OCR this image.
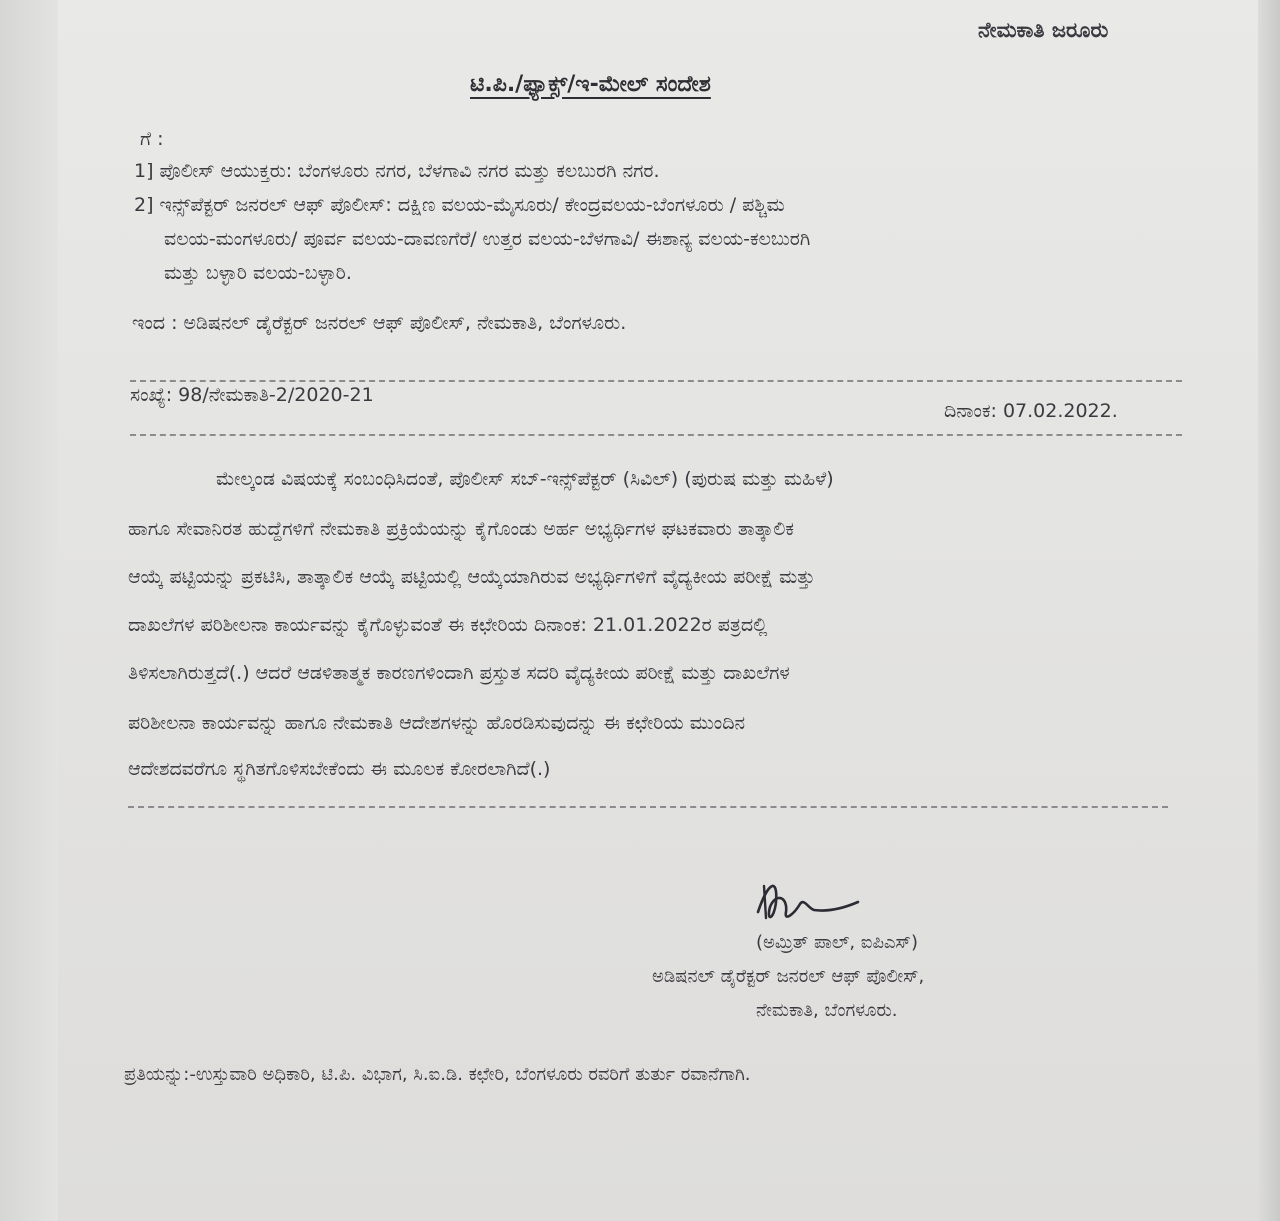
ನೇಮಕಾತಿ ಜರೂರು
ಟಿ.ಪಿ./ಫ್ಯಾಕ್ಸ್/ಇ-ಮೇಲ್ ಸಂದೇಶ
ಗೆ :
1] ಪೊಲೀಸ್ ಆಯುಕ್ತರು: ಬೆಂಗಳೂರು ನಗರ, ಬೆಳಗಾವಿ ನಗರ ಮತ್ತು ಕಲಬುರಗಿ ನಗರ.
2] ಇನ್ಸ್‌ಪೆಕ್ಟರ್ ಜನರಲ್ ಆಫ್ ಪೊಲೀಸ್: ದಕ್ಷಿಣ ವಲಯ-ಮೈಸೂರು/ ಕೇಂದ್ರವಲಯ-ಬೆಂಗಳೂರು / ಪಶ್ಚಿಮ
ವಲಯ-ಮಂಗಳೂರು/ ಪೂರ್ವ ವಲಯ-ದಾವಣಗೆರೆ/ ಉತ್ತರ ವಲಯ-ಬೆಳಗಾವಿ/ ಈಶಾನ್ಯ ವಲಯ-ಕಲಬುರಗಿ
ಮತ್ತು ಬಳ್ಳಾರಿ ವಲಯ-ಬಳ್ಳಾರಿ.
ಇಂದ : ಅಡಿಷನಲ್ ಡೈರೆಕ್ಟರ್ ಜನರಲ್ ಆಫ್ ಪೊಲೀಸ್, ನೇಮಕಾತಿ, ಬೆಂಗಳೂರು.
ಸಂಖ್ಯೆ: 98/ನೇಮಕಾತಿ-2/2020-21
ದಿನಾಂಕ: 07.02.2022.
ಮೇಲ್ಕಂಡ ವಿಷಯಕ್ಕೆ ಸಂಬಂಧಿಸಿದಂತೆ, ಪೊಲೀಸ್ ಸಬ್-ಇನ್ಸ್‌ಪೆಕ್ಟರ್ (ಸಿವಿಲ್) (ಪುರುಷ ಮತ್ತು ಮಹಿಳೆ)
ಹಾಗೂ ಸೇವಾನಿರತ ಹುದ್ದೆಗಳಿಗೆ ನೇಮಕಾತಿ ಪ್ರಕ್ರಿಯೆಯನ್ನು ಕೈಗೊಂಡು ಅರ್ಹ ಅಭ್ಯರ್ಥಿಗಳ ಘಟಕವಾರು ತಾತ್ಕಾಲಿಕ
ಆಯ್ಕೆ ಪಟ್ಟಿಯನ್ನು ಪ್ರಕಟಿಸಿ, ತಾತ್ಕಾಲಿಕ ಆಯ್ಕೆ ಪಟ್ಟಿಯಲ್ಲಿ ಆಯ್ಕೆಯಾಗಿರುವ ಅಭ್ಯರ್ಥಿಗಳಿಗೆ ವೈದ್ಯಕೀಯ ಪರೀಕ್ಷೆ ಮತ್ತು
ದಾಖಲೆಗಳ ಪರಿಶೀಲನಾ ಕಾರ್ಯವನ್ನು ಕೈಗೊಳ್ಳುವಂತೆ ಈ ಕಛೇರಿಯ ದಿನಾಂಕ: 21.01.2022ರ ಪತ್ರದಲ್ಲಿ
ತಿಳಿಸಲಾಗಿರುತ್ತದೆ(.) ಆದರೆ ಆಡಳಿತಾತ್ಮಕ ಕಾರಣಗಳಿಂದಾಗಿ ಪ್ರಸ್ತುತ ಸದರಿ ವೈದ್ಯಕೀಯ ಪರೀಕ್ಷೆ ಮತ್ತು ದಾಖಲೆಗಳ
ಪರಿಶೀಲನಾ ಕಾರ್ಯವನ್ನು ಹಾಗೂ ನೇಮಕಾತಿ ಆದೇಶಗಳನ್ನು ಹೊರಡಿಸುವುದನ್ನು ಈ ಕಛೇರಿಯ ಮುಂದಿನ
ಆದೇಶದವರೆಗೂ ಸ್ಥಗಿತಗೊಳಿಸಬೇಕೆಂದು ಈ ಮೂಲಕ ಕೋರಲಾಗಿದೆ(.)
(ಅಮ್ರಿತ್ ಪಾಲ್, ಐಪಿಎಸ್)
ಅಡಿಷನಲ್ ಡೈರೆಕ್ಟರ್ ಜನರಲ್ ಆಫ್ ಪೊಲೀಸ್,
ನೇಮಕಾತಿ, ಬೆಂಗಳೂರು.
ಪ್ರತಿಯನ್ನು:-ಉಸ್ತುವಾರಿ ಅಧಿಕಾರಿ, ಟಿ.ಪಿ. ವಿಭಾಗ, ಸಿ.ಐ.ಡಿ. ಕಛೇರಿ, ಬೆಂಗಳೂರು ರವರಿಗೆ ತುರ್ತು ರವಾನೆಗಾಗಿ.
